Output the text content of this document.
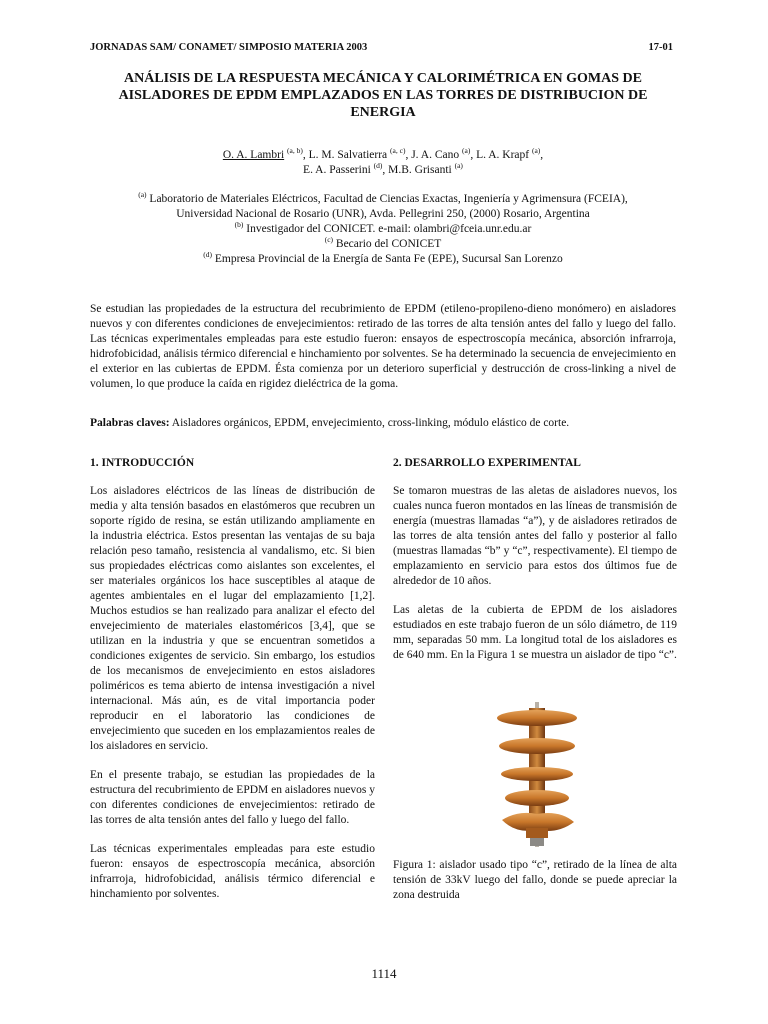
JORNADAS SAM/ CONAMET/ SIMPOSIO MATERIA 2003	17-01
ANÁLISIS DE LA RESPUESTA MECÁNICA Y CALORIMÉTRICA EN GOMAS DE AISLADORES DE EPDM EMPLAZADOS EN LAS TORRES DE DISTRIBUCION DE ENERGIA
O. A. Lambri $^{(a, b)}$, L. M. Salvatierra $^{(a, c)}$, J. A. Cano $^{(a)}$, L. A. Krapf $^{(a)}$,
E. A. Passerini $^{(d)}$, M.B. Grisanti $^{(a)}$
$^{(a)}$ Laboratorio de Materiales Eléctricos, Facultad de Ciencias Exactas, Ingeniería y Agrimensura (FCEIA),
Universidad Nacional de Rosario (UNR), Avda. Pellegrini 250, (2000) Rosario, Argentina
$^{(b)}$ Investigador del CONICET. e-mail: olambri@fceia.unr.edu.ar
$^{(c)}$ Becario del CONICET
$^{(d)}$ Empresa Provincial de la Energía de Santa Fe (EPE), Sucursal San Lorenzo
Se estudian las propiedades de la estructura del recubrimiento de EPDM (etileno-propileno-dieno monómero) en aisladores nuevos y con diferentes condiciones de envejecimientos: retirado de las torres de alta tensión antes del fallo y luego del fallo. Las técnicas experimentales empleadas para este estudio fueron: ensayos de espectroscopía mecánica, absorción infrarroja, hidrofobicidad, análisis térmico diferencial e hinchamiento por solventes. Se ha determinado la secuencia de envejecimiento en el exterior en las cubiertas de EPDM. Ésta comienza por un deterioro superficial y destrucción de cross-linking a nivel de volumen, lo que produce la caída en rigidez dieléctrica de la goma.
Palabras claves: Aisladores orgánicos, EPDM, envejecimiento, cross-linking, módulo elástico de corte.
1. INTRODUCCIÓN	2. DESARROLLO EXPERIMENTAL

Los aisladores eléctricos de las líneas de distribución de media y alta tensión basados en elastómeros que recubren un soporte rígido de resina, se están utilizando ampliamente en la industria eléctrica. Estos presentan las ventajas de su baja relación peso tamaño, resistencia al vandalismo, etc. Si bien sus propiedades eléctricas como aislantes son excelentes, el ser materiales orgánicos los hace susceptibles al ataque de agentes ambientales en el lugar del emplazamiento [1,2]. Muchos estudios se han realizado para analizar el efecto del envejecimiento de materiales elastoméricos [3,4], que se utilizan en la industria y que se encuentran sometidos a condiciones exigentes de servicio. Sin embargo, los estudios de los mecanismos de envejecimiento en estos aisladores poliméricos es tema abierto de intensa investigación a nivel internacional. Más aún, es de vital importancia poder reproducir en el laboratorio las condiciones de envejecimiento que suceden en los emplazamientos reales de los aisladores en servicio.

En el presente trabajo, se estudian las propiedades de la estructura del recubrimiento de EPDM en aisladores nuevos y con diferentes condiciones de envejecimientos: retirado de las torres de alta tensión antes del fallo y luego del fallo.

Las técnicas experimentales empleadas para este estudio fueron: ensayos de espectroscopía mecánica, absorción infrarroja, hidrofobicidad, análisis térmico diferencial e hinchamiento por solventes.

Se tomaron muestras de las aletas de aisladores nuevos, los cuales nunca fueron montados en las líneas de transmisión de energía (muestras llamadas “a”), y de aisladores retirados de las torres de alta tensión antes del fallo y posterior al fallo (muestras llamadas “b” y “c”, respectivamente). El tiempo de emplazamiento en servicio para estos dos últimos fue de alrededor de 10 años.

Las aletas de la cubierta de EPDM de los aisladores estudiados en este trabajo fueron de un sólo diámetro, de 119 mm, separadas 50 mm. La longitud total de los aisladores es de 640 mm. En la Figura 1 se muestra un aislador de tipo “c”.

Figura 1: aislador usado tipo “c”, retirado de la línea de alta tensión de 33kV luego del fallo, donde se puede apreciar la zona destruida
1114
